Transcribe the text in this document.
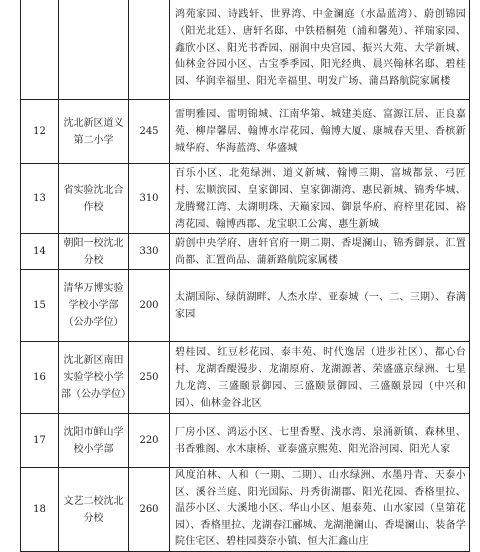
			鸿苑家园、诗践轩、世界湾、中金澜庭（水晶蓝湾）、蔚创锦园（阳光北廷）、唐轩名邸、中铁梧桐苑（浦和馨苑）、祥瑞家园、鑫欣小区、阳光书香园、丽润中央宫园、振兴大苑、大学新城、仙林金谷园小区、古宝季季园、阳光经典、晨兴翰林名邸、碧桂园、华润幸福里、阳光幸福里、明发广场、蒲昌路航院家属楼

12	沈北新区道义第二小学	245	雷明雅园、雷明锦城、江南华第、城建美庭、富源江居、正良嘉苑、柳岸馨居、翰博水岸花园、翰博大厦、康城春天里、香槟新城华府、华海蓝湾、华盛城

13	省实验沈北合作校	310	百乐小区、北苑绿洲、道义新城、翰博三期、富城都景、弓匠村、宏顺滨园、皇家御园、皇家御湖湾、惠民新城、锦秀华城、龙腾鹭江湾、太湖明珠、天巅家园、御景华府、府梓里花园、裕湾花园、翰博西郡、龙宝职工公寓、惠生新城

14	朝阳一校沈北分校	330	蔚创中央学府、唐轩官府一期二期、香堤澜山、锦秀御景、汇置尚都、汇置尚品、蒲新路航院家属楼

15	清华万博实验学校小学部（公办学位）	200	太湖国际、绿荫湖畔、人杰水岸、亚泰城（一、二、三期）、春满家园

16	沈北新区南田实验学校小学部（公办学位）	250	碧桂园、红豆杉花园、泰丰苑、时代逸居（进步社区）、都心台村、龙湖香醍漫步、龙湖原府、龙湖源著、荣盛盛京绿洲、七星九龙湾、三盛颐景御园、三盛颐景御园、三盛颐景园（中兴和园）、仙林金谷北区

17	沈阳市鲜山学校小学部	220	厂房小区、鸿运小区、七里香墅、浅水湾、泉涌新镇、森林里、书香雅阁、水木康桥、亚泰盛京熙苑、阳光浴河园、阳光人家

18	文艺二校沈北分校	260	风度泊林、人和（一期、二期）、山水绿洲、水墨丹青、天泰小区、溪谷兰庭、阳光国际、丹秀街湖郡、阳光花园、香格里拉、温莎小区、大溪地小区、华山小区、旭泰苑、山水家园（皇第花园）、香格里拉、龙湖春江郦城、龙湖滟澜山、香堤澜山、装备学院住宅区、碧桂园葵奈小镇、恒大汇鑫山庄
